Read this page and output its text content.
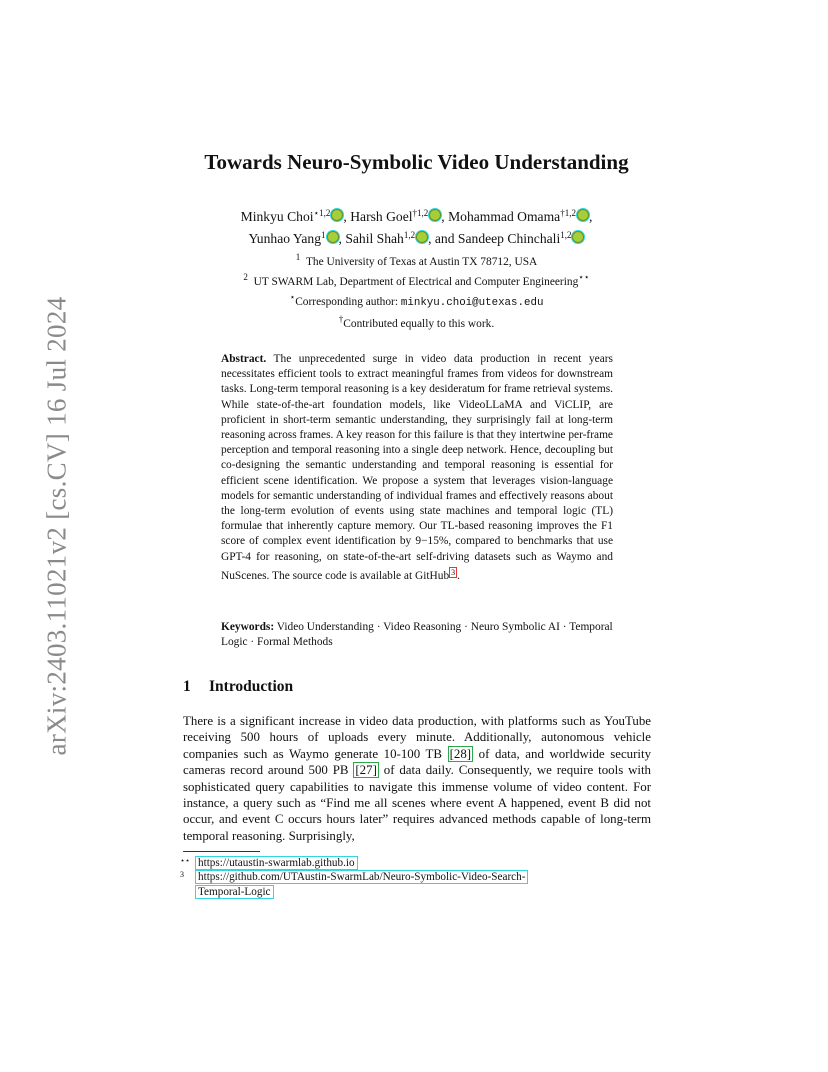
arXiv:2403.11021v2 [cs.CV] 16 Jul 2024
Towards Neuro-Symbolic Video Understanding
Minkyu Choi$^{⋆1,2}$ , Harsh Goel$^{\dagger 1,2}$ , Mohammad Omama$^{\dagger 1,2}$ ,
Yunhao Yang$^1$ , Sahil Shah$^{1,2}$ , and Sandeep Chinchali$^{1,2}$
$^1$ The University of Texas at Austin TX 78712, USA
$^2$ UT SWARM Lab, Department of Electrical and Computer Engineering⋆⋆
⋆Corresponding author: minkyu.choi@utexas.edu
†Contributed equally to this work.
Abstract. The unprecedented surge in video data production in recent years necessitates efficient tools to extract meaningful frames from videos for downstream tasks. Long-term temporal reasoning is a key desideratum for frame retrieval systems. While state-of-the-art foundation models, like VideoLLaMA and ViCLIP, are proficient in short-term semantic understanding, they surprisingly fail at long-term reasoning across frames. A key reason for this failure is that they intertwine per-frame perception and temporal reasoning into a single deep network. Hence, decoupling but co-designing the semantic understanding and temporal reasoning is essential for efficient scene identification. We propose a system that leverages vision-language models for semantic understanding of individual frames and effectively reasons about the long-term evolution of events using state machines and temporal logic (TL) formulae that inherently capture memory. Our TL-based reasoning improves the F1 score of complex event identification by 9−15%, compared to benchmarks that use GPT-4 for reasoning, on state-of-the-art self-driving datasets such as Waymo and NuScenes. The source code is available at GitHub $^3$ .
Keywords: Video Understanding · Video Reasoning · Neuro Symbolic AI · Temporal Logic · Formal Methods
1 Introduction
There is a significant increase in video data production, with platforms such as YouTube receiving 500 hours of uploads every minute. Additionally, autonomous vehicle companies such as Waymo generate 10-100 TB [28] of data, and worldwide security cameras record around 500 PB [27] of data daily. Consequently, we require tools with sophisticated query capabilities to navigate this immense volume of video content. For instance, a query such as “Find me all scenes where event A happened, event B did not occur, and event C occurs hours later” requires advanced methods capable of long-term temporal reasoning. Surprisingly,
⋆⋆ https://utaustin-swarmlab.github.io
3 https://github.com/UTAustin-SwarmLab/Neuro-Symbolic-Video-Search-
Temporal-Logic
